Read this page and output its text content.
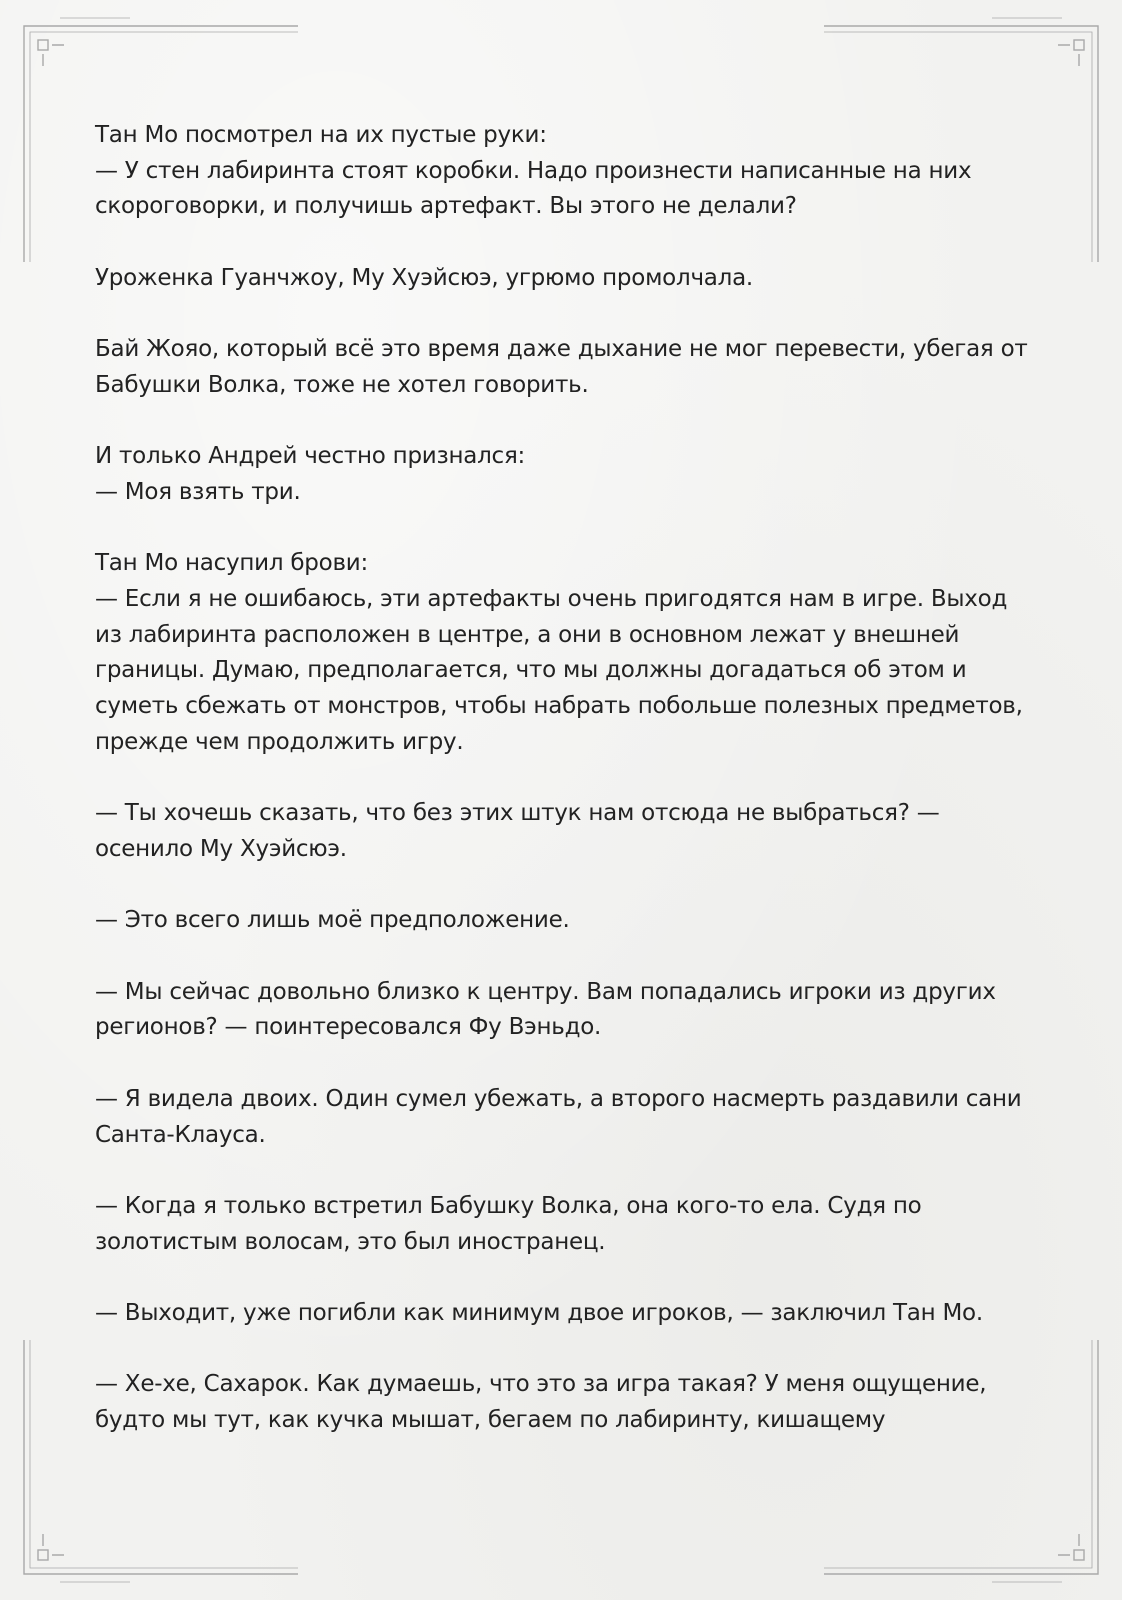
Тан Мо посмотрел на их пустые руки:
— У стен лабиринта стоят коробки. Надо произнести написанные на них скороговорки, и получишь артефакт. Вы этого не делали?

Уроженка Гуанчжоу, Му Хуэйсюэ, угрюмо промолчала.

Бай Жояо, который всё это время даже дыхание не мог перевести, убегая от Бабушки Волка, тоже не хотел говорить.

И только Андрей честно признался:
— Моя взять три.

Тан Мо насупил брови:
— Если я не ошибаюсь, эти артефакты очень пригодятся нам в игре. Выход из лабиринта расположен в центре, а они в основном лежат у внешней границы. Думаю, предполагается, что мы должны догадаться об этом и суметь сбежать от монстров, чтобы набрать побольше полезных предметов, прежде чем продолжить игру.

— Ты хочешь сказать, что без этих штук нам отсюда не выбраться? — осенило Му Хуэйсюэ.

— Это всего лишь моё предположение.

— Мы сейчас довольно близко к центру. Вам попадались игроки из других регионов? — поинтересовался Фу Вэньдо.

— Я видела двоих. Один сумел убежать, а второго насмерть раздавили сани Санта-Клауса.

— Когда я только встретил Бабушку Волка, она кого-то ела. Судя по золотистым волосам, это был иностранец.

— Выходит, уже погибли как минимум двое игроков, — заключил Тан Мо.

— Хе-хе, Сахарок. Как думаешь, что это за игра такая? У меня ощущение, будто мы тут, как кучка мышат, бегаем по лабиринту, кишащему
